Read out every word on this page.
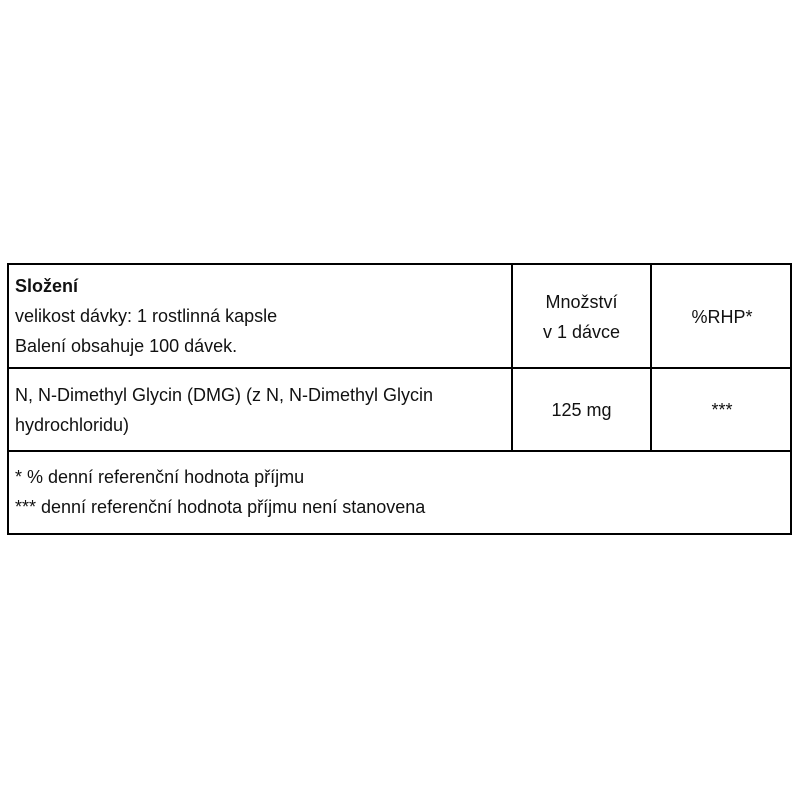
Složení
velikost dávky: 1 rostlinná kapsle
Balení obsahuje 100 dávek.
Množství
v 1 dávce
%RHP*
N, N-Dimethyl Glycin (DMG) (z N, N-Dimethyl Glycin
hydrochloridu)
125 mg	***
* % denní referenční hodnota příjmu
*** denní referenční hodnota příjmu není stanovena
